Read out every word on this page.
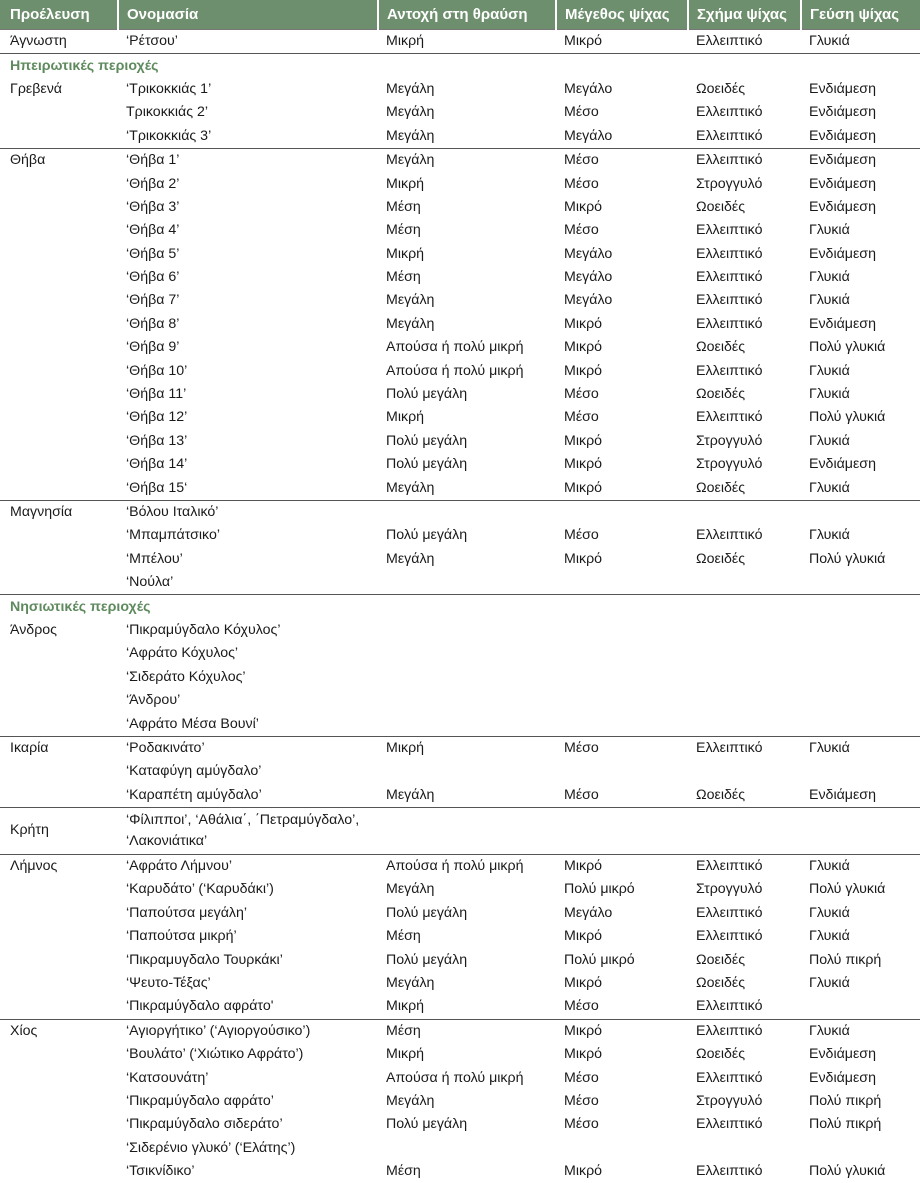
Προέλευση	Ονομασία	Αντοχή στη θραύση	Μέγεθος ψίχας	Σχήμα ψίχας	Γεύση ψίχας
Άγνωστη	‘Ρέτσου’	Μικρή	Μικρό	Ελλειπτικό	Γλυκιά
Ηπειρωτικές περιοχές					
Γρεβενά	‘Τρικοκκιάς 1’	Μεγάλη	Μεγάλο	Ωοειδές	Ενδιάμεση
	Τρικοκκιάς 2’	Μεγάλη	Μέσο	Ελλειπτικό	Ενδιάμεση
	‘Τρικοκκιάς 3’	Μεγάλη	Μεγάλο	Ελλειπτικό	Ενδιάμεση
Θήβα	‘Θήβα 1’	Μεγάλη	Μέσο	Ελλειπτικό	Ενδιάμεση
	‘Θήβα 2’	Μικρή	Μέσο	Στρογγυλό	Ενδιάμεση
	‘Θήβα 3’	Μέση	Μικρό	Ωοειδές	Ενδιάμεση
	‘Θήβα 4’	Μέση	Μέσο	Ελλειπτικό	Γλυκιά
	‘Θήβα 5’	Μικρή	Μεγάλο	Ελλειπτικό	Ενδιάμεση
	‘Θήβα 6’	Μέση	Μεγάλο	Ελλειπτικό	Γλυκιά
	‘Θήβα 7’	Μεγάλη	Μεγάλο	Ελλειπτικό	Γλυκιά
	‘Θήβα 8’	Μεγάλη	Μικρό	Ελλειπτικό	Ενδιάμεση
	‘Θήβα 9’	Απούσα ή πολύ μικρή	Μικρό	Ωοειδές	Πολύ γλυκιά
	‘Θήβα 10’	Απούσα ή πολύ μικρή	Μικρό	Ελλειπτικό	Γλυκιά
	‘Θήβα 11’	Πολύ μεγάλη	Μέσο	Ωοειδές	Γλυκιά
	‘Θήβα 12’	Μικρή	Μέσο	Ελλειπτικό	Πολύ γλυκιά
	‘Θήβα 13’	Πολύ μεγάλη	Μικρό	Στρογγυλό	Γλυκιά
	‘Θήβα 14’	Πολύ μεγάλη	Μικρό	Στρογγυλό	Ενδιάμεση
	‘Θήβα 15‘	Μεγάλη	Μικρό	Ωοειδές	Γλυκιά
Μαγνησία	‘Βόλου Ιταλικό’				
	‘Μπαμπάτσικο’	Πολύ μεγάλη	Μέσο	Ελλειπτικό	Γλυκιά
	‘Μπέλου’	Μεγάλη	Μικρό	Ωοειδές	Πολύ γλυκιά
	‘Νούλα’				
Νησιωτικές περιοχές					
Άνδρος	‘Πικραμύγδαλο Κόχυλος’				
	‘Αφράτο Κόχυλος’				
	‘Σιδεράτο Κόχυλος’				
	‘Άνδρου’				
	‘Αφράτο Μέσα Βουνί’				
Ικαρία	‘Ροδακινάτο’	Μικρή	Μέσο	Ελλειπτικό	Γλυκιά
	‘Καταφύγη αμύγδαλο’				
	‘Καραπέτη αμύγδαλο’	Μεγάλη	Μέσο	Ωοειδές	Ενδιάμεση
Κρήτη	‘Φίλιπποι’, ‘Αθάλια΄, ΄Πετραμύγδαλο’, ‘Λακονιάτικα’				
Λήμνος	‘Αφράτο Λήμνου’	Απούσα ή πολύ μικρή	Μικρό	Ελλειπτικό	Γλυκιά
	‘Καρυδάτο’ (‘Καρυδάκι’)	Μεγάλη	Πολύ μικρό	Στρογγυλό	Πολύ γλυκιά
	‘Παπούτσα μεγάλη’	Πολύ μεγάλη	Μεγάλο	Ελλειπτικό	Γλυκιά
	‘Παπούτσα μικρή’	Μέση	Μικρό	Ελλειπτικό	Γλυκιά
	‘Πικραμυγδαλο Τουρκάκι’	Πολύ μεγάλη	Πολύ μικρό	Ωοειδές	Πολύ πικρή
	‘Ψευτο-Τέξας’	Μεγάλη	Μικρό	Ωοειδές	Γλυκιά
	‘Πικραμύγδαλο αφράτο'	Μικρή	Μέσο	Ελλειπτικό	
Χίος	‘Αγιοργήτικο’ (‘Αγιοργούσικο’)	Μέση	Μικρό	Ελλειπτικό	Γλυκιά
	‘Βουλάτο’ (‘Χιώτικο Αφράτο’)	Μικρή	Μικρό	Ωοειδές	Ενδιάμεση
	‘Κατσουνάτη’	Απούσα ή πολύ μικρή	Μέσο	Ελλειπτικό	Ενδιάμεση
	‘Πικραμύγδαλο αφράτο’	Μεγάλη	Μέσο	Στρογγυλό	Πολύ πικρή
	‘Πικραμύγδαλο σιδεράτο’	Πολύ μεγάλη	Μέσο	Ελλειπτικό	Πολύ πικρή
	‘Σιδερένιο γλυκό’ (‘Ελάτης’)				
	‘Τσικνίδικο’	Μέση	Μικρό	Ελλειπτικό	Πολύ γλυκιά
